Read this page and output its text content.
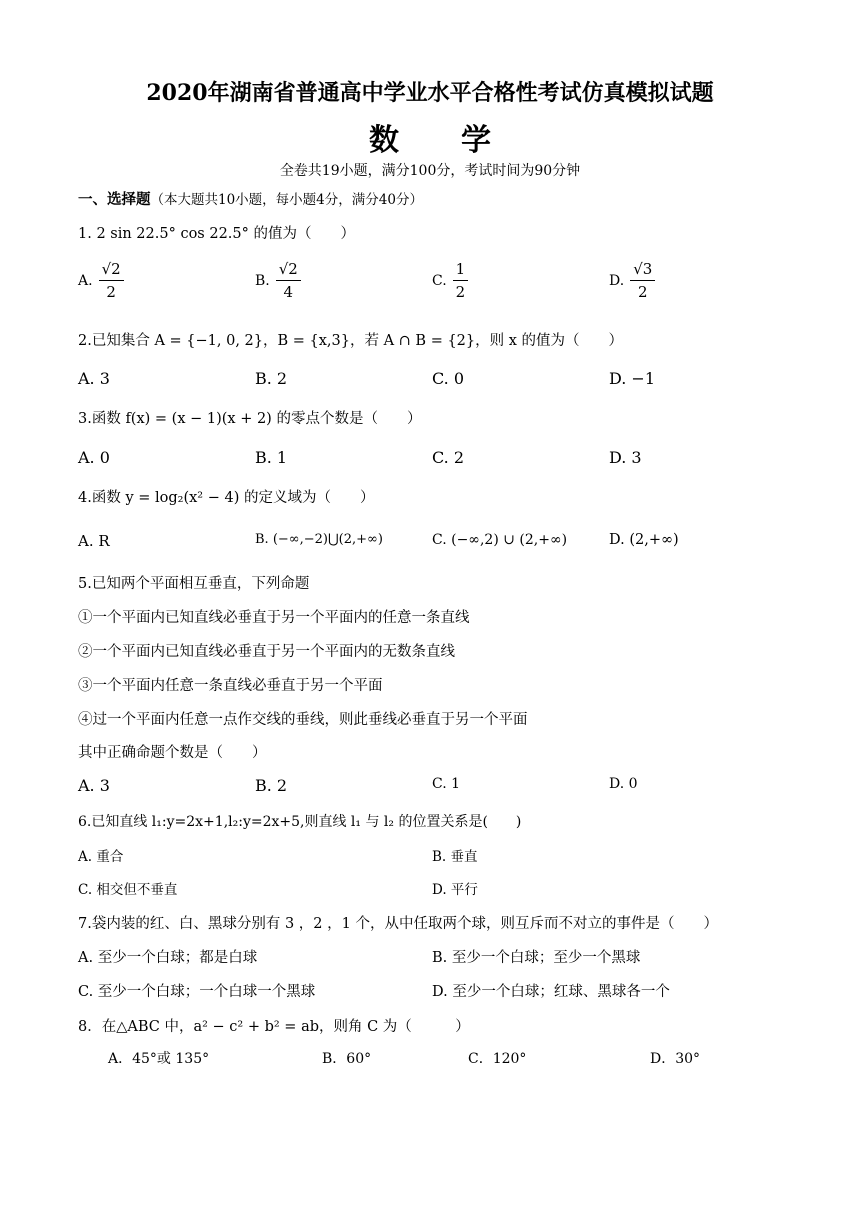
2020年湖南省普通高中学业水平合格性考试仿真模拟试题
数学
全卷共19小题，满分100分，考试时间为90分钟
一、选择题（本大题共10小题，每小题4分，满分40分）
1. 2 sin 22.5° cos 22.5° 的值为（　　）
A. $\frac{√2}{2}$	B. $\frac{√2}{4}$	C. $\frac{1}{2}$	D. $\frac{√3}{2}$
2.已知集合 A = {−1, 0, 2}，B = {x,3}，若 A ∩ B = {2}，则 x 的值为（　　）
A. 3	B. 2	C. 0	D. −1
3.函数 f(x) = (x − 1)(x + 2) 的零点个数是（　　）
A. 0	B. 1	C. 2	D. 3
4.函数 y = log₂(x² − 4) 的定义域为（　　）
A. R	B. (−∞,−2)⋃(2,+∞)	C. (−∞,2) ∪ (2,+∞)	D. (2,+∞)
5.已知两个平面相互垂直，下列命题
①一个平面内已知直线必垂直于另一个平面内的任意一条直线
②一个平面内已知直线必垂直于另一个平面内的无数条直线
③一个平面内任意一条直线必垂直于另一个平面
④过一个平面内任意一点作交线的垂线，则此垂线必垂直于另一个平面
其中正确命题个数是（　　）
A. 3	B. 2	C. 1	D. 0
6.已知直线 l₁:y=2x+1,l₂:y=2x+5,则直线 l₁ 与 l₂ 的位置关系是(　　)
A. 重合	B. 垂直
C. 相交但不垂直	D. 平行
7.袋内装的红、白、黑球分别有 3 ，2 ，1 个，从中任取两个球，则互斥而不对立的事件是（　　）
A. 至少一个白球；都是白球	B. 至少一个白球；至少一个黑球
C. 至少一个白球；一个白球一个黑球	D. 至少一个白球；红球、黑球各一个
8．在△ABC 中，a² − c² + b² = ab，则角 C 为（　　　）
A．45°或 135°	B．60°	C．120°	D．30°
